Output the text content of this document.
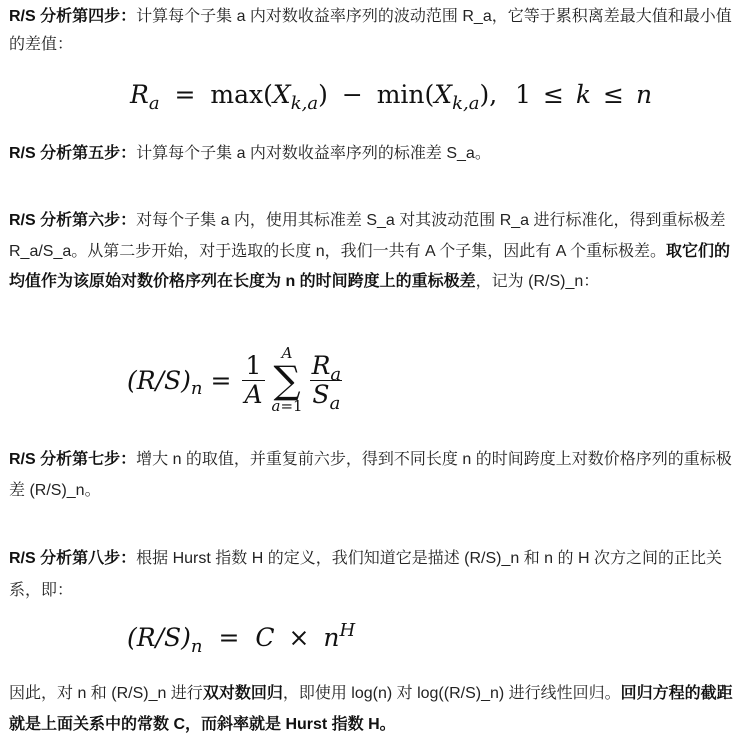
R/S 分析第四步：计算每个子集 a 内对数收益率序列的波动范围 R_a，它等于累积离差最大值和最小值的差值：

$R_a = \max(X_{k,a}) - \min(X_{k,a})$, 1 ≤ k ≤ n

R/S 分析第五步：计算每个子集 a 内对数收益率序列的标准差 S_a。

R/S 分析第六步：对每个子集 a 内，使用其标准差 S_a 对其波动范围 R_a 进行标准化，得到重标极差 R_a/S_a。从第二步开始，对于选取的长度 n，我们一共有 A 个子集，因此有 A 个重标极差。取它们的均值作为该原始对数价格序列在长度为 n 的时间跨度上的重标极差，记为 (R/S)_n：

$(R/S)_n = \frac{1}{A}$ A
∑
$a=1 \frac{R_a}{S_a}$

R/S 分析第七步：增大 n 的取值，并重复前六步，得到不同长度 n 的时间跨度上对数价格序列的重标极差 (R/S)_n。

R/S 分析第八步：根据 Hurst 指数 H 的定义，我们知道它是描述 (R/S)_n 和 n 的 H 次方之间的正比关系，即：

$(R/S)_n = C \times n^H$

因此，对 n 和 (R/S)_n 进行双对数回归，即使用 log(n) 对 log((R/S)_n) 进行线性回归。回归方程的截距就是上面关系中的常数 C，而斜率就是 Hurst 指数 H。
